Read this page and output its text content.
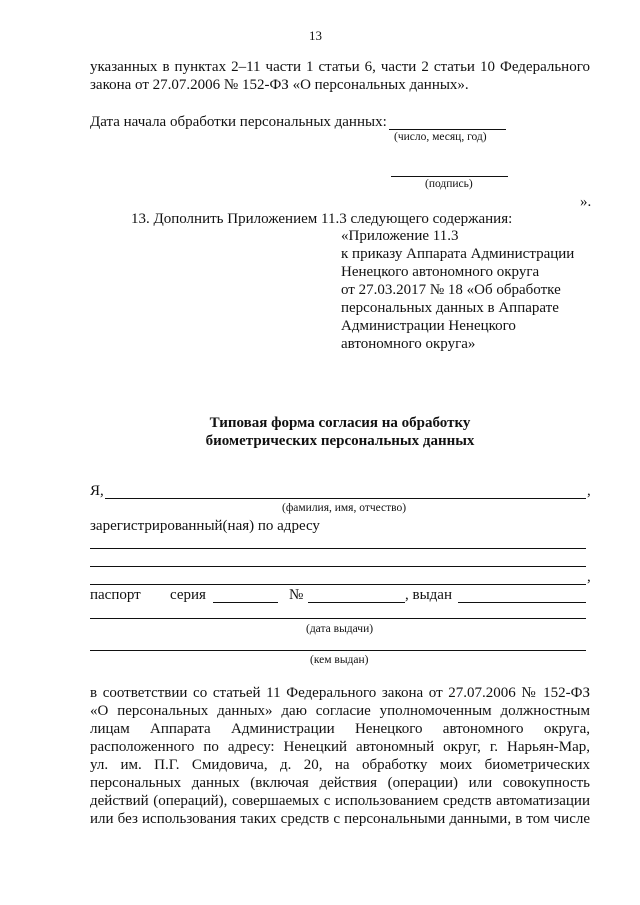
13
указанных в пунктах 2–11 части 1 статьи 6, части 2 статьи 10 Федерального
закона от 27.07.2006 № 152-ФЗ «О персональных данных».
Дата начала обработки персональных данных:
(число, месяц, год)
(подпись)
».
13. Дополнить Приложением 11.3 следующего содержания:
«Приложение 11.3
к приказу Аппарата Администрации
Ненецкого автономного округа
от 27.03.2017 № 18 «Об обработке
персональных данных в Аппарате
Администрации Ненецкого
автономного округа»
Типовая форма согласия на обработку
биометрических персональных данных
Я,	,
(фамилия, имя, отчество)
зарегистрированный(ная) по адресу
,
паспорт серия	№	, выдан
(дата выдачи)
(кем выдан)
в соответствии со статьей 11 Федерального закона от 27.07.2006 № 152-ФЗ
«О персональных данных» даю согласие уполномоченным должностным
лицам Аппарата Администрации Ненецкого автономного округа,
расположенного по адресу: Ненецкий автономный округ, г. Нарьян-Мар,
ул. им. П.Г. Смидовича, д. 20, на обработку моих биометрических
персональных данных (включая действия (операции) или совокупность
действий (операций), совершаемых с использованием средств автоматизации
или без использования таких средств с персональными данными, в том числе
